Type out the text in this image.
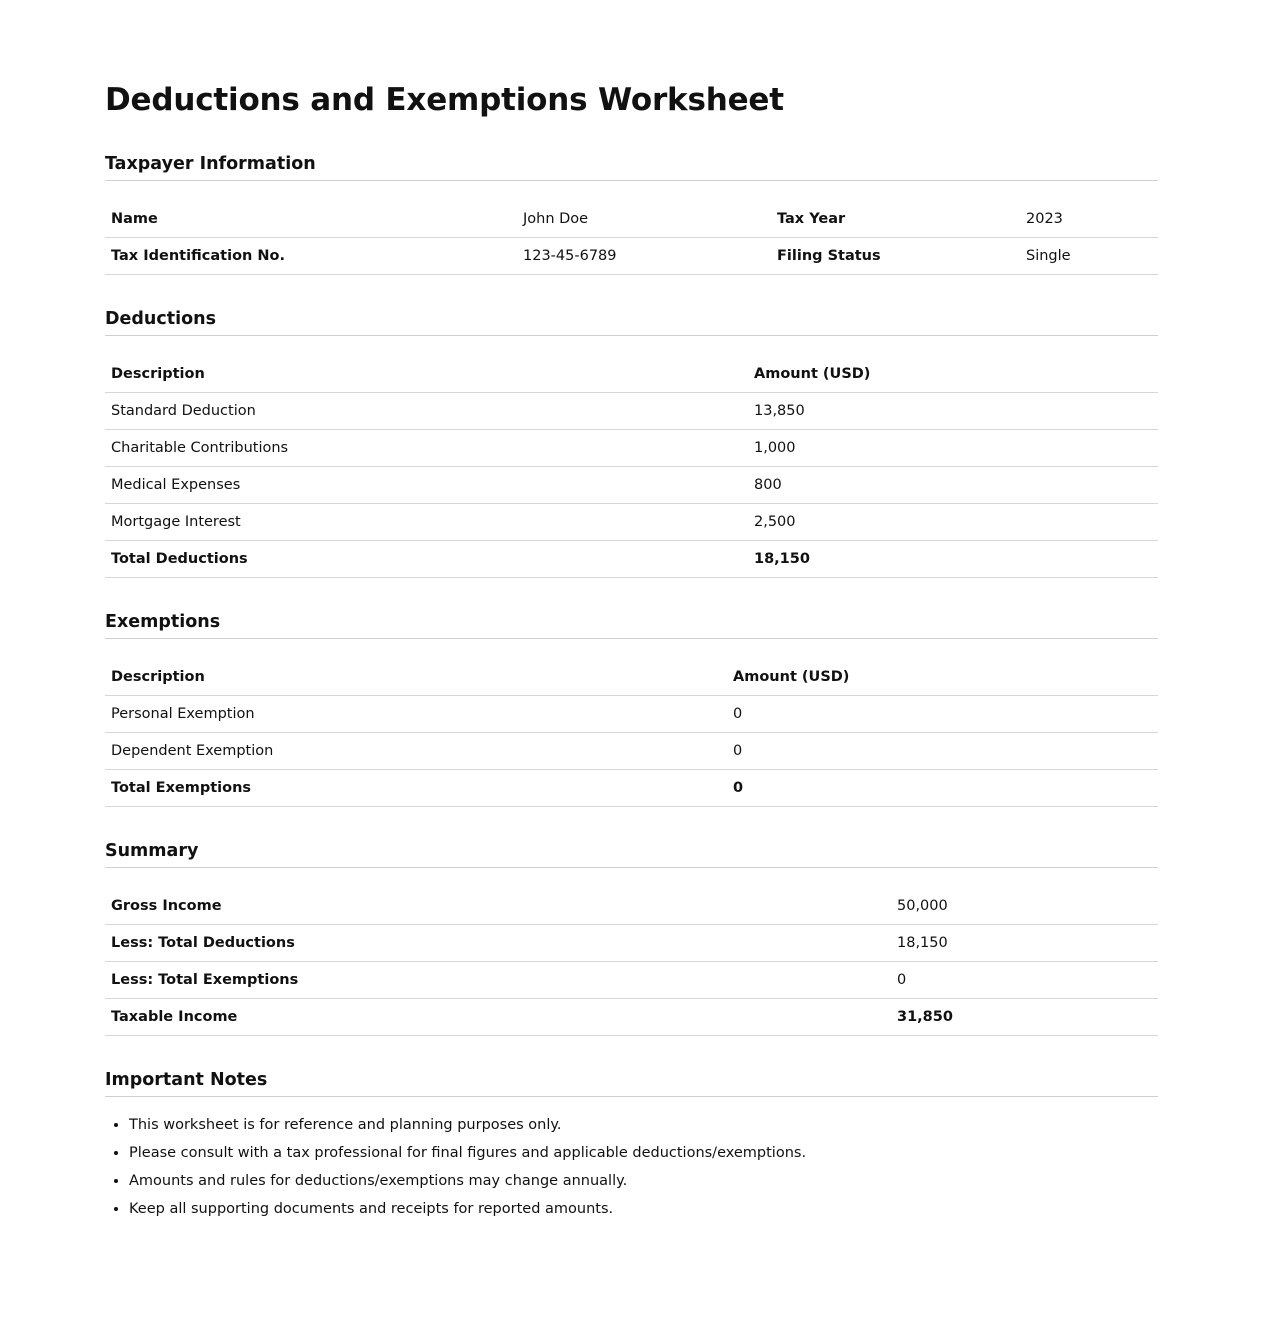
Deductions and Exemptions Worksheet
Taxpayer Information
Name	John Doe	Tax Year	2023
Tax Identification No.	123-45-6789	Filing Status	Single
Deductions
Description	Amount (USD)
Standard Deduction	13,850
Charitable Contributions	1,000
Medical Expenses	800
Mortgage Interest	2,500
Total Deductions	18,150
Exemptions
Description	Amount (USD)
Personal Exemption	0
Dependent Exemption	0
Total Exemptions	0
Summary
Gross Income	50,000
Less: Total Deductions	18,150
Less: Total Exemptions	0
Taxable Income	31,850
Important Notes
• This worksheet is for reference and planning purposes only.
• Please consult with a tax professional for final figures and applicable deductions/exemptions.
• Amounts and rules for deductions/exemptions may change annually.
• Keep all supporting documents and receipts for reported amounts.
